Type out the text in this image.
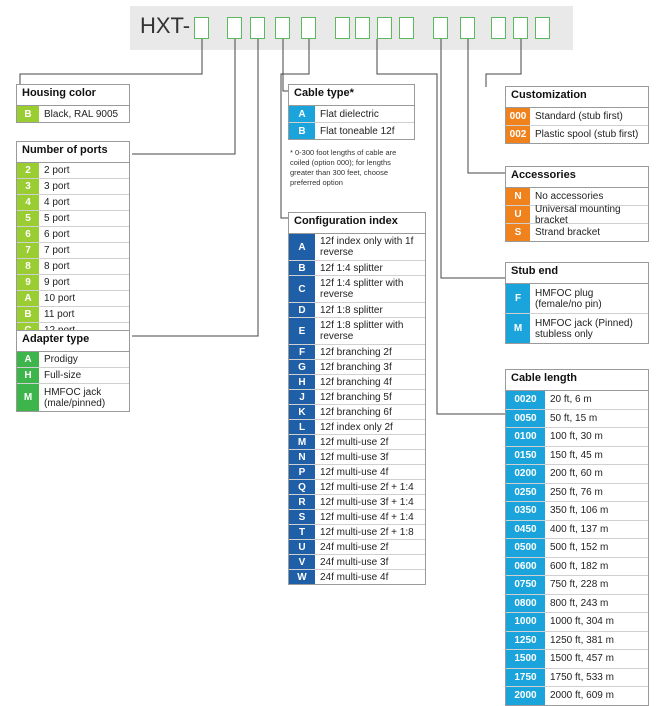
HXT-
Housing color
B	Black, RAL 9005
Number of ports
2	2 port
3	3 port
4	4 port
5	5 port
6	6 port
7	7 port
8	8 port
9	9 port
A	10 port
B	11 port
Adapter type
A	Prodigy
H	Full-size
M	HMFOC jack (male/pinned)
Cable type*
A	Flat dielectric
B	Flat toneable 12f
* 0-300 foot lengths of cable are coiled (option 000); for lengths greater than 300 feet, choose preferred option
Configuration index
A	12f index only with 1f reverse
B	12f 1:4 splitter
C	12f 1:4 splitter with reverse
D	12f 1:8 splitter
E	12f 1:8 splitter with reverse
F	12f branching 2f
G	12f branching 3f
H	12f branching 4f
J	12f branching 5f
K	12f branching 6f
L	12f index only 2f
M	12f multi-use 2f
N	12f multi-use 3f
P	12f multi-use 4f
Q	12f multi-use 2f + 1:4
R	12f multi-use 3f + 1:4
S	12f multi-use 4f + 1:4
T	12f multi-use 2f + 1:8
U	24f multi-use 2f
V	24f multi-use 3f
W	24f multi-use 4f
Customization
000 Standard (stub first)
002 Plastic spool (stub first)
Accessories
N	No accessories
U	Universal mounting bracket
S	Strand bracket
Stub end
F	HMFOC plug (female/no pin)
M	HMFOC jack (Pinned) stubless only
Cable length
0020	20 ft, 6 m
0050	50 ft, 15 m
0100	100 ft, 30 m
0150	150 ft, 45 m
0200	200 ft, 60 m
0250	250 ft, 76 m
0350	350 ft, 106 m
0450	400 ft, 137 m
0500	500 ft, 152 m
0600	600 ft, 182 m
0750	750 ft, 228 m
0800	800 ft, 243 m
1000	1000 ft, 304 m
1250	1250 ft, 381 m
1500	1500 ft, 457 m
1750	1750 ft, 533 m
2000	2000 ft, 609 m
